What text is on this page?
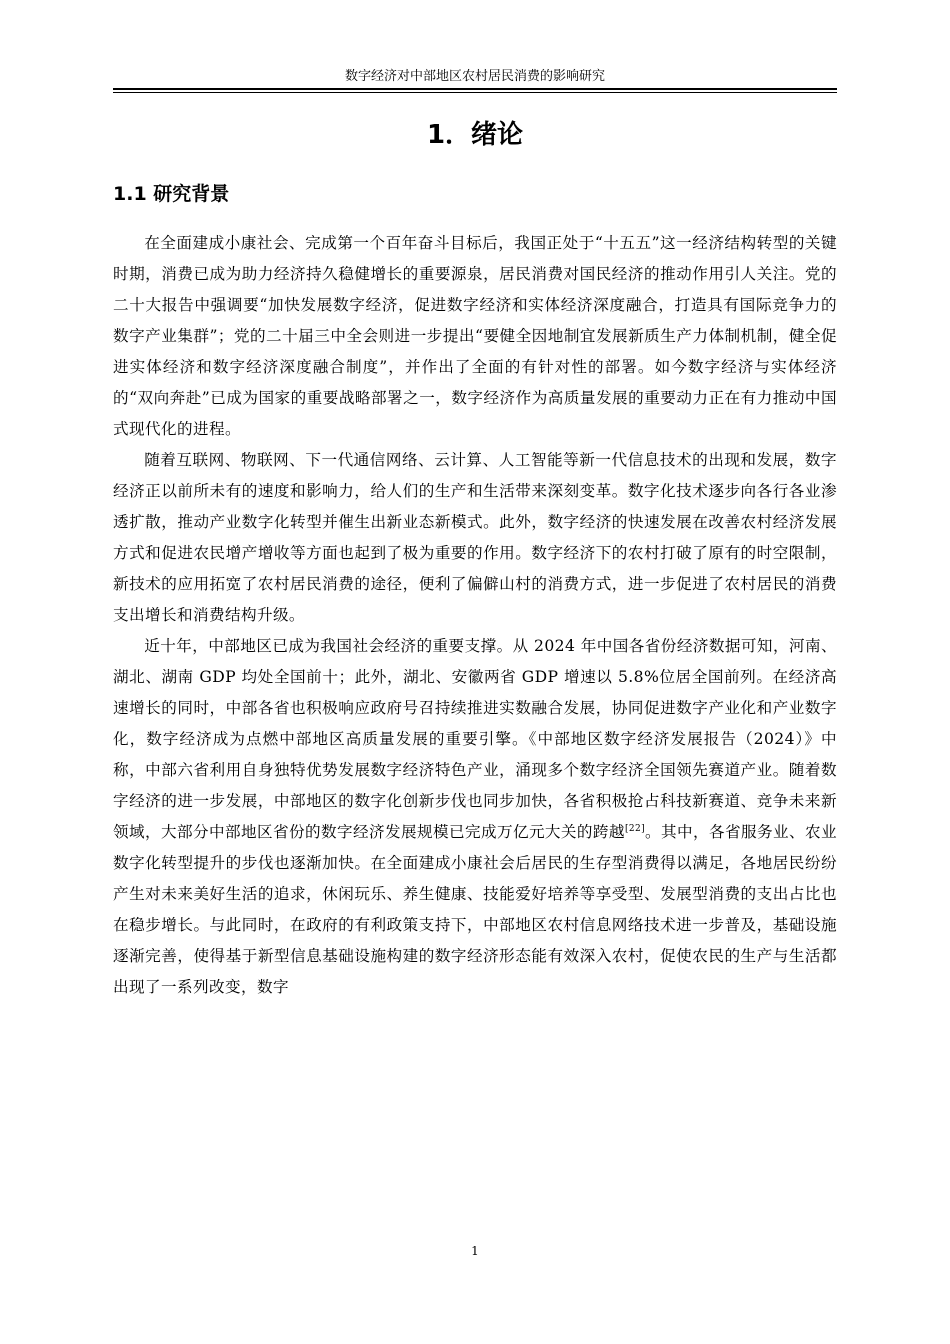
数字经济对中部地区农村居民消费的影响研究
1．绪论
1.1 研究背景

在全面建成小康社会、完成第一个百年奋斗目标后，我国正处于“十五五”这一经济结构转型的关键时期，消费已成为助力经济持久稳健增长的重要源泉，居民消费对国民经济的推动作用引人关注。党的二十大报告中强调要“加快发展数字经济，促进数字经济和实体经济深度融合，打造具有国际竞争力的数字产业集群”；党的二十届三中全会则进一步提出“要健全因地制宜发展新质生产力体制机制，健全促进实体经济和数字经济深度融合制度”，并作出了全面的有针对性的部署。如今数字经济与实体经济的“双向奔赴”已成为国家的重要战略部署之一，数字经济作为高质量发展的重要动力正在有力推动中国式现代化的进程。

随着互联网、物联网、下一代通信网络、云计算、人工智能等新一代信息技术的出现和发展，数字经济正以前所未有的速度和影响力，给人们的生产和生活带来深刻变革。数字化技术逐步向各行各业渗透扩散，推动产业数字化转型并催生出新业态新模式。此外，数字经济的快速发展在改善农村经济发展方式和促进农民增产增收等方面也起到了极为重要的作用。数字经济下的农村打破了原有的时空限制，新技术的应用拓宽了农村居民消费的途径，便利了偏僻山村的消费方式，进一步促进了农村居民的消费支出增长和消费结构升级。

近十年，中部地区已成为我国社会经济的重要支撑。从 2024 年中国各省份经济数据可知，河南、湖北、湖南 GDP 均处全国前十；此外，湖北、安徽两省 GDP 增速以 5.8%位居全国前列。在经济高速增长的同时，中部各省也积极响应政府号召持续推进实数融合发展，协同促进数字产业化和产业数字化，数字经济成为点燃中部地区高质量发展的重要引擎。《中部地区数字经济发展报告（2024）》中称，中部六省利用自身独特优势发展数字经济特色产业，涌现多个数字经济全国领先赛道产业。随着数字经济的进一步发展，中部地区的数字化创新步伐也同步加快，各省积极抢占科技新赛道、竞争未来新领域，大部分中部地区省份的数字经济发展规模已完成万亿元大关的跨越[22]。其中，各省服务业、农业数字化转型提升的步伐也逐渐加快。在全面建成小康社会后居民的生存型消费得以满足，各地居民纷纷产生对未来美好生活的追求，休闲玩乐、养生健康、技能爱好培养等享受型、发展型消费的支出占比也在稳步增长。与此同时，在政府的有利政策支持下，中部地区农村信息网络技术进一步普及，基础设施逐渐完善，使得基于新型信息基础设施构建的数字经济形态能有效深入农村，促使农民的生产与生活都出现了一系列改变，数字

1
